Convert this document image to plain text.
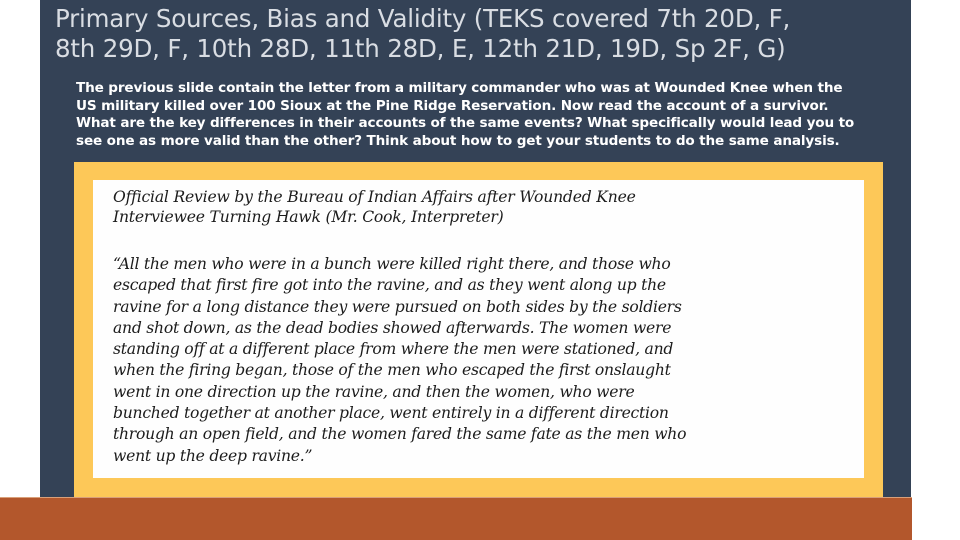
Primary Sources, Bias and Validity (TEKS covered 7th 20D, F,
8th 29D, F, 10th 28D, 11th 28D, E, 12th 21D, 19D, Sp 2F, G)
The previous slide contain the letter from a military commander who was at Wounded Knee when the
US military killed over 100 Sioux at the Pine Ridge Reservation. Now read the account of a survivor.
What are the key differences in their accounts of the same events? What specifically would lead you to
see one as more valid than the other? Think about how to get your students to do the same analysis.
Official Review by the Bureau of Indian Affairs after Wounded Knee
Interviewee Turning Hawk (Mr. Cook, Interpreter)
“All the men who were in a bunch were killed right there, and those who
escaped that first fire got into the ravine, and as they went along up the
ravine for a long distance they were pursued on both sides by the soldiers
and shot down, as the dead bodies showed afterwards. The women were
standing off at a different place from where the men were stationed, and
when the firing began, those of the men who escaped the first onslaught
went in one direction up the ravine, and then the women, who were
bunched together at another place, went entirely in a different direction
through an open field, and the women fared the same fate as the men who
went up the deep ravine.”
